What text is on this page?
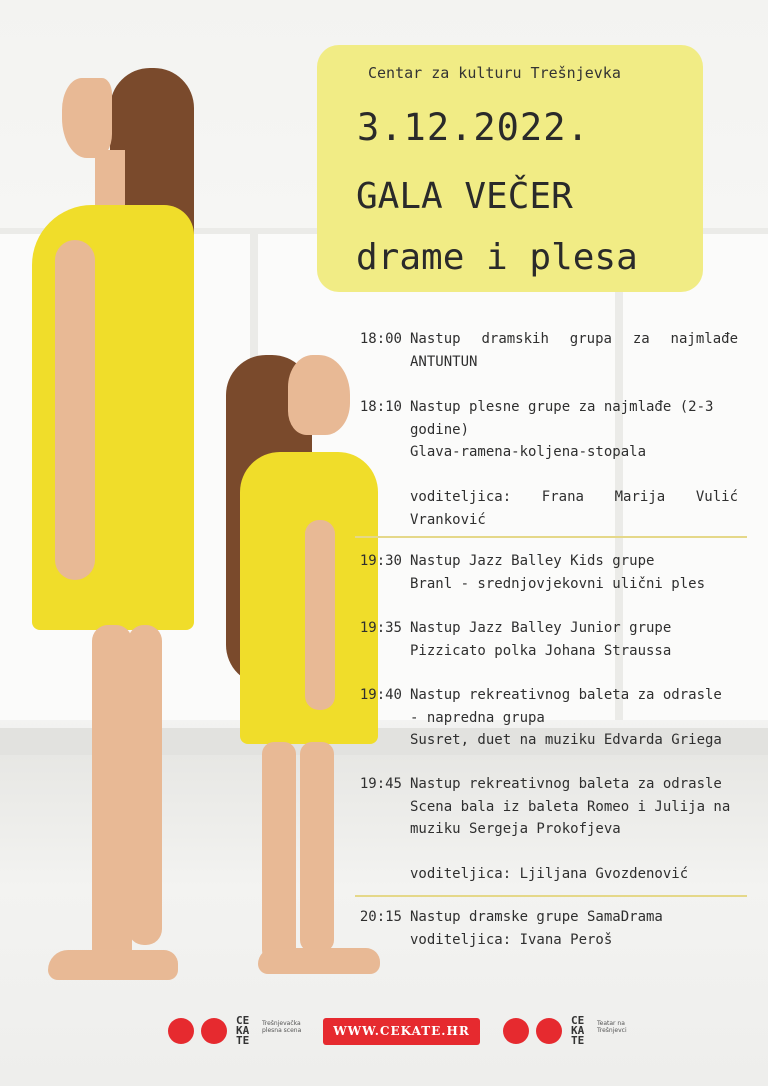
Centar za kulturu Trešnjevka
3.12.2022.
GALA VEČER
drame i plesa
18:00 Nastup dramskih grupa za najmlađe
ANTUNTUN
18:10 Nastup plesne grupe za najmlađe (2-3
godine)
Glava-ramena-koljena-stopala
voditeljica: Frana Marija Vulić
Vranković
19:30 Nastup Jazz Balley Kids grupe
Branl - srednjovjekovni ulični ples
19:35 Nastup Jazz Balley Junior grupe
Pizzicato polka Johana Straussa
19:40 Nastup rekreativnog baleta za odrasle
- napredna grupa
Susret, duet na muziku Edvarda Griega
19:45 Nastup rekreativnog baleta za odrasle
Scena bala iz baleta Romeo i Julija na
muziku Sergeja Prokofjeva
voditeljica: Ljiljana Gvozdenović
20:15 Nastup dramske grupe SamaDrama
voditeljica: Ivana Peroš
CE KA TE
Trešnjevačka plesna scena	WWW.CEKATE.HR
CE KA TE
Teatar na Trešnjevci
